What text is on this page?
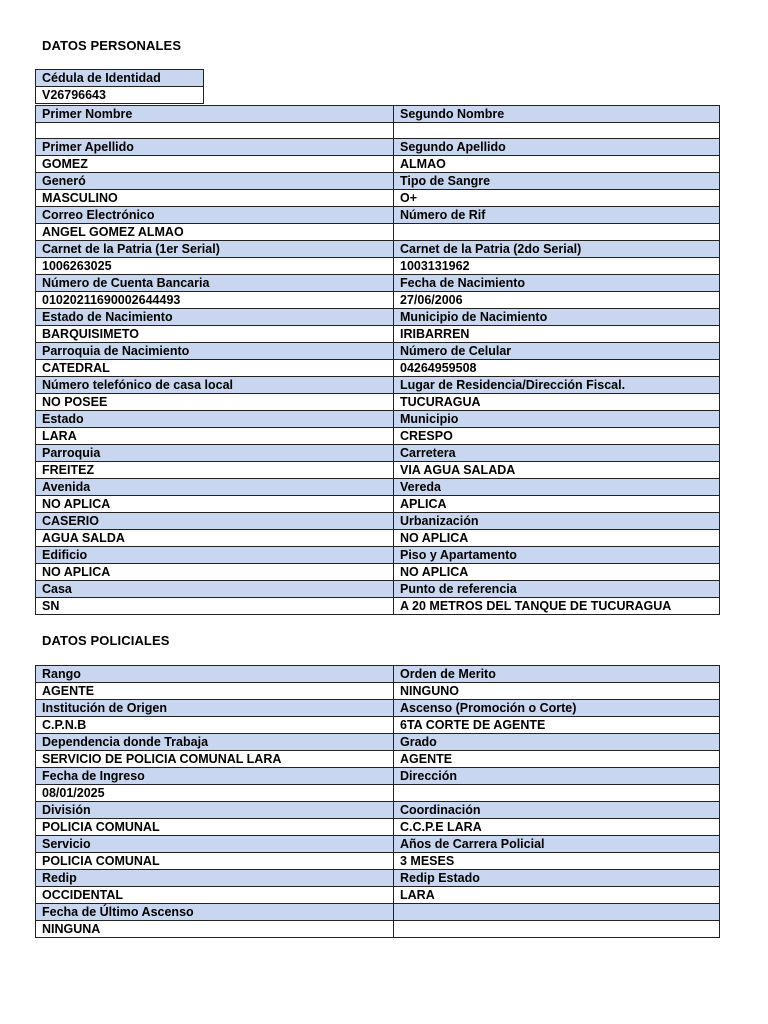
DATOS PERSONALES
Cédula de Identidad
V26796643
Primer Nombre	Segundo Nombre

Primer Apellido	Segundo Apellido
GOMEZ	ALMAO
Generó	Tipo de Sangre
MASCULINO	O+
Correo Electrónico	Número de Rif
ANGEL GOMEZ ALMAO	
Carnet de la Patria (1er Serial)	Carnet de la Patria (2do Serial)
1006263025	1003131962
Número de Cuenta Bancaria	Fecha de Nacimiento
01020211690002644493	27/06/2006
Estado de Nacimiento	Municipio de Nacimiento
BARQUISIMETO	IRIBARREN
Parroquia de Nacimiento	Número de Celular
CATEDRAL	04264959508
Número telefónico de casa local	Lugar de Residencia/Dirección Fiscal.
NO POSEE	TUCURAGUA
Estado	Municipio
LARA	CRESPO
Parroquia	Carretera
FREITEZ	VIA AGUA SALADA
Avenida	Vereda
NO APLICA	APLICA
CASERIO	Urbanización
AGUA SALDA	NO APLICA
Edificio	Piso y Apartamento
NO APLICA	NO APLICA
Casa	Punto de referencia
SN	A 20 METROS DEL TANQUE DE TUCURAGUA
DATOS POLICIALES
Rango	Orden de Merito
AGENTE	NINGUNO
Institución de Origen	Ascenso (Promoción o Corte)
C.P.N.B	6TA CORTE DE AGENTE
Dependencia donde Trabaja	Grado
SERVICIO DE POLICIA COMUNAL LARA	AGENTE
Fecha de Ingreso	Dirección
08/01/2025	
División	Coordinación
POLICIA COMUNAL	C.C.P.E LARA
Servicio	Años de Carrera Policial
POLICIA COMUNAL	3 MESES
Redip	Redip Estado
OCCIDENTAL	LARA
Fecha de Último Ascenso	
NINGUNA	
